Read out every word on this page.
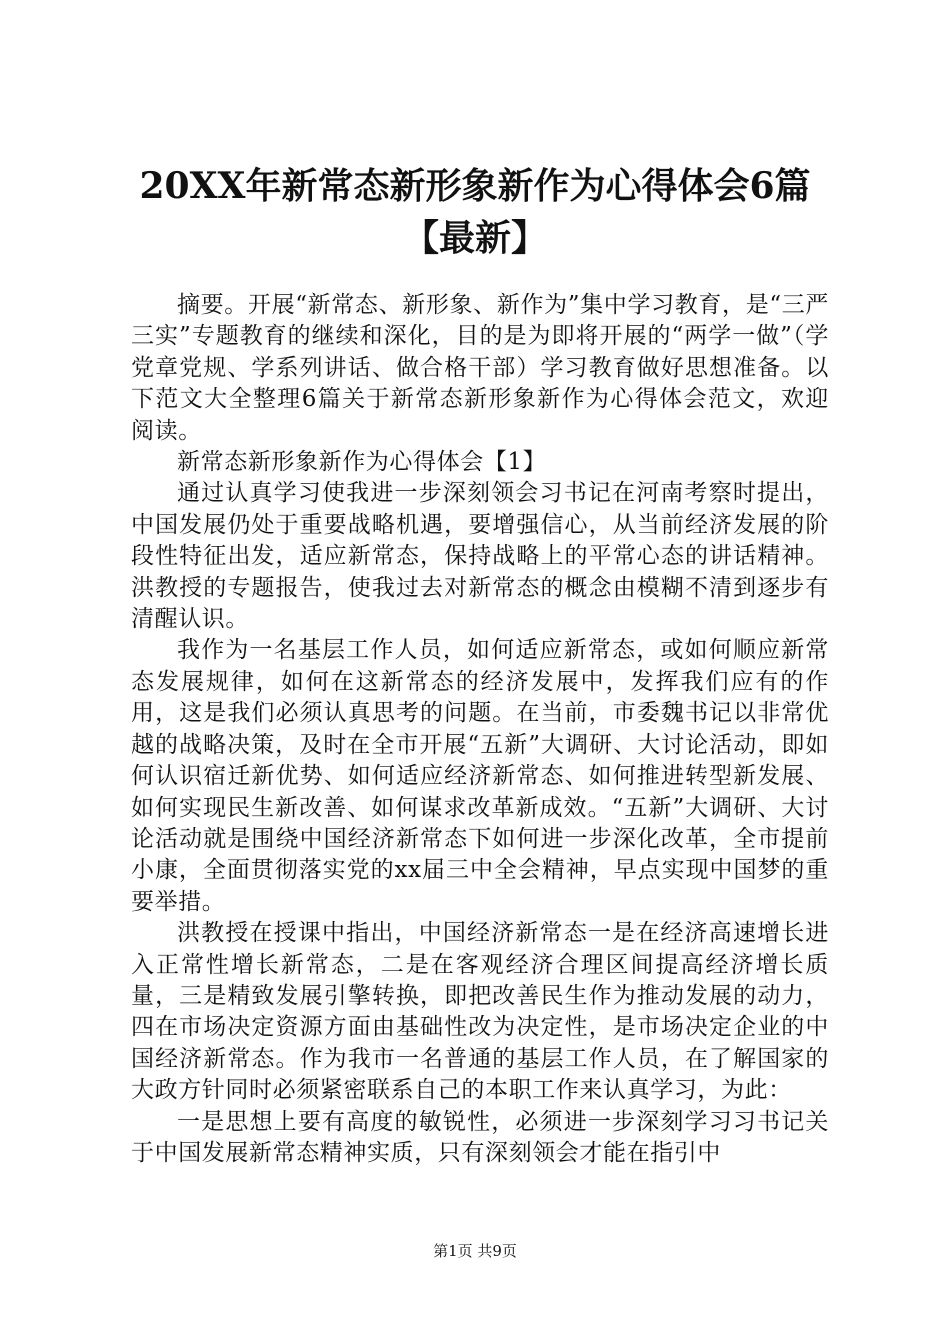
20XX年新常态新形象新作为心得体会6篇【最新】

摘要。开展“新常态、新形象、新作为”集中学习教育，是“三严三实”专题教育的继续和深化，目的是为即将开展的“两学一做”（学党章党规、学系列讲话、做合格干部）学习教育做好思想准备。以下范文大全整理6篇关于新常态新形象新作为心得体会范文，欢迎阅读。

新常态新形象新作为心得体会【1】

通过认真学习使我进一步深刻领会习书记在河南考察时提出，中国发展仍处于重要战略机遇，要增强信心，从当前经济发展的阶段性特征出发，适应新常态，保持战略上的平常心态的讲话精神。洪教授的专题报告，使我过去对新常态的概念由模糊不清到逐步有清醒认识。

我作为一名基层工作人员，如何适应新常态，或如何顺应新常态发展规律，如何在这新常态的经济发展中，发挥我们应有的作用，这是我们必须认真思考的问题。在当前，市委魏书记以非常优越的战略决策，及时在全市开展“五新”大调研、大讨论活动，即如何认识宿迁新优势、如何适应经济新常态、如何推进转型新发展、如何实现民生新改善、如何谋求改革新成效。“五新”大调研、大讨论活动就是围绕中国经济新常态下如何进一步深化改革，全市提前小康，全面贯彻落实党的xx届三中全会精神，早点实现中国梦的重要举措。

洪教授在授课中指出，中国经济新常态一是在经济高速增长进入正常性增长新常态，二是在客观经济合理区间提高经济增长质量，三是精致发展引擎转换，即把改善民生作为推动发展的动力，四在市场决定资源方面由基础性改为决定性，是市场决定企业的中国经济新常态。作为我市一名普通的基层工作人员，在了解国家的大政方针同时必须紧密联系自己的本职工作来认真学习，为此：

一是思想上要有高度的敏锐性，必须进一步深刻学习习书记关于中国发展新常态精神实质，只有深刻领会才能在指引中

第1页 共9页
